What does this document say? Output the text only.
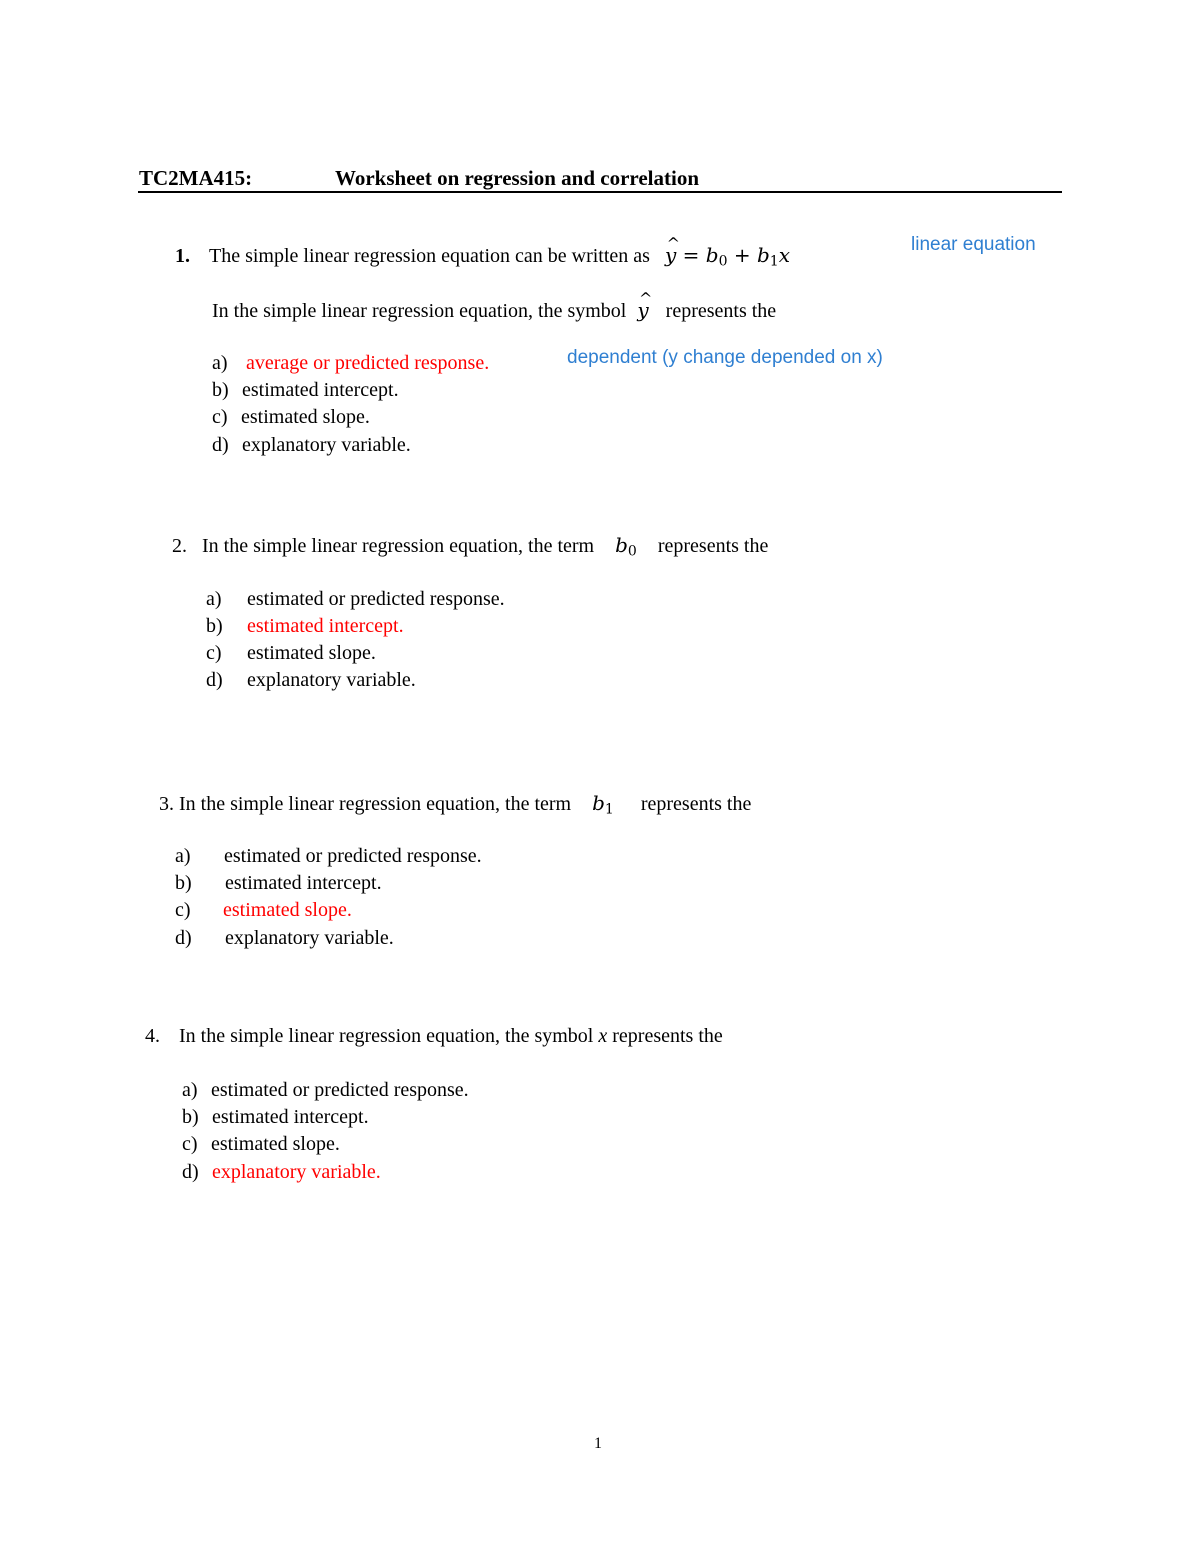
TC2MA415:	Worksheet on regression and correlation
1. The simple linear regression equation can be written as ^ $y = b_0 + b_1x$	linear equation
In the simple linear regression equation, the symbol ^ y represents the
a) average or predicted response.	dependent (y change depended on x)
b) estimated intercept.
c) estimated slope.
d) explanatory variable.
2. In the simple linear regression equation, the term $b_0$ represents the
a) estimated or predicted response.
b) estimated intercept.
c) estimated slope.
d) explanatory variable.
3. In the simple linear regression equation, the term $b_1$ represents the
a) estimated or predicted response.
b) estimated intercept.
c) estimated slope.
d) explanatory variable.
4. In the simple linear regression equation, the symbol x represents the
a) estimated or predicted response.
b) estimated intercept.
c) estimated slope.
d) explanatory variable.
1
